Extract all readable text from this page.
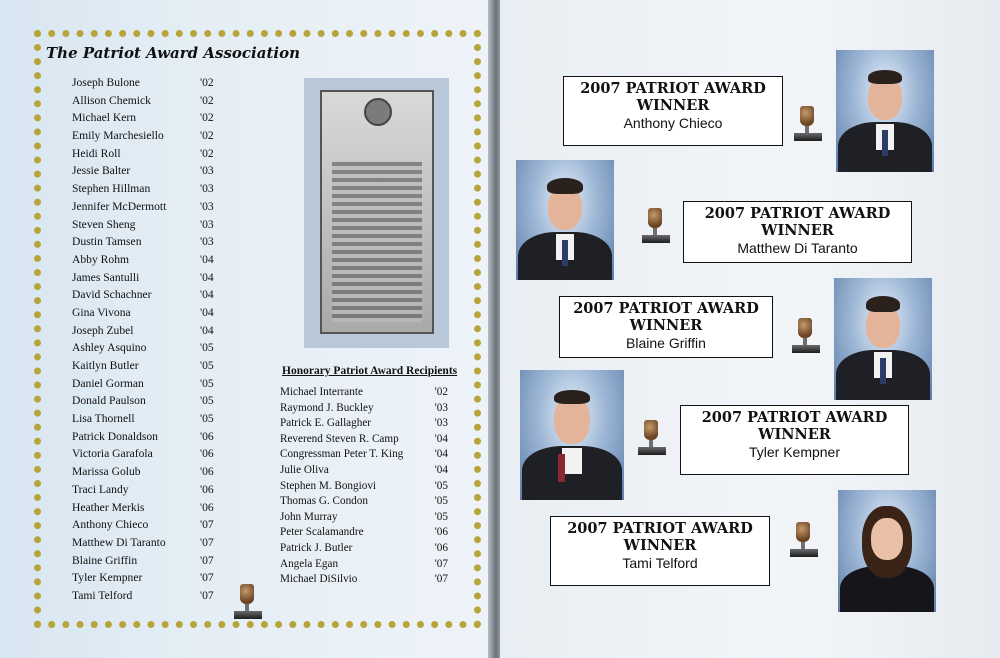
The Patriot Award Association
Joseph Bulone	'02
Allison Chemick	'02
Michael Kern	'02
Emily Marchesiello	'02
Heidi Roll	'02
Jessie Balter	'03
Stephen Hillman	'03
Jennifer McDermott	'03
Steven Sheng	'03
Dustin Tamsen	'03
Abby Rohm	'04
James Santulli	'04
David Schachner	'04
Gina Vivona	'04
Joseph Zubel	'04
Ashley Asquino	'05
Kaitlyn Butler	'05
Daniel Gorman	'05
Donald Paulson	'05
Lisa Thornell	'05
Patrick Donaldson	'06
Victoria Garafola	'06
Marissa Golub	'06
Traci Landy	'06
Heather Merkis	'06
Anthony Chieco	'07
Matthew Di Taranto	'07
Blaine Griffin	'07
Tyler Kempner	'07
Tami Telford	'07
Honorary Patriot Award Recipients
Michael Interrante	'02
Raymond J. Buckley	'03
Patrick E. Gallagher	'03
Reverend Steven R. Camp	'04
Congressman Peter T. King	'04
Julie Oliva	'04
Stephen M. Bongiovi	'05
Thomas G. Condon	'05
John Murray	'05
Peter Scalamandre	'06
Patrick J. Butler	'06
Angela Egan	'07
Michael DiSilvio	'07
2007 PATRIOT AWARD
WINNER
Anthony Chieco
2007 PATRIOT AWARD
WINNER
Matthew Di Taranto
2007 PATRIOT AWARD
WINNER
Blaine Griffin
2007 PATRIOT AWARD
WINNER
Tyler Kempner
2007 PATRIOT AWARD
WINNER
Tami Telford
